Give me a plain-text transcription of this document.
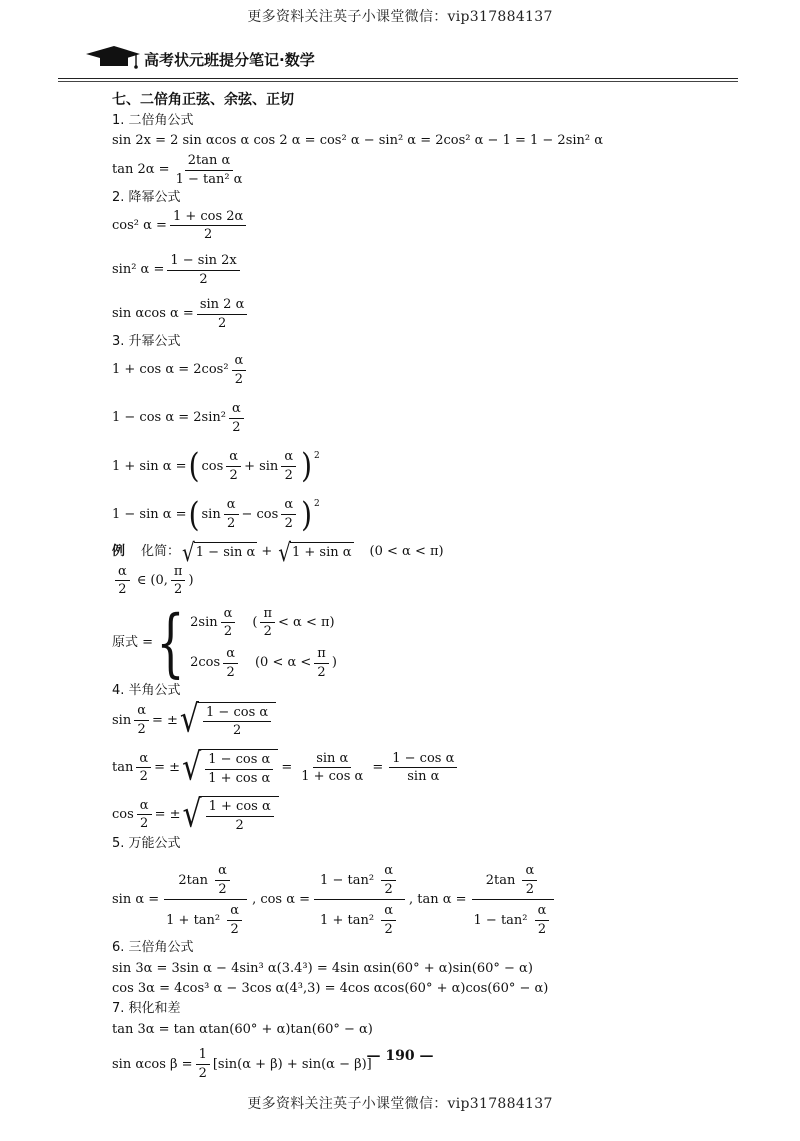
更多资料关注英子小课堂微信：vip317884137
高考状元班提分笔记·数学
七、二倍角正弦、余弦、正切
1. 二倍角公式
sin 2x = 2 sin αcos α cos 2 α = cos² α − sin² α = 2cos² α − 1 = 1 − 2sin² α
$\tan 2\alpha = \frac{\text{2tan α}}{\text{1 − tan² α}}$
2. 降幂公式
cos² $\alpha = \frac{1 + \cos 2\alpha}{2}$
sin² $\alpha = \frac{1 - \sin 2x}{2}$
sin αcos $\alpha = \frac{\sin 2 \alpha}{2}$
3. 升幂公式
$1 + \cos \alpha = 2\cos^2 \frac{\alpha}{2}$
$1 - \cos \alpha = 2\sin^2 \frac{\alpha}{2}$
1 + sin α = ( $\cos \frac{\alpha}{2} + \sin \frac{\alpha}{2}$ ) 2
1 − sin α = ( $\sin \frac{\alpha}{2} - \cos \frac{\alpha}{2}$ ) 2
例 化简： √ 1 − sin α + √ 1 + sin α (0 < α < π)
$\frac{\alpha}{2}$ ∈ (0, $\frac{\pi}{2}$ )
原式 = { $2\sin \frac{\alpha}{2}$ ( $\frac{\pi}{2} < \alpha < \pi$)
$2\cos \frac{\alpha}{2} (0 < \alpha < \frac{\pi}{2}$ )
4. 半角公式
$\sin \frac{\alpha}{2}$ = ± √ $\frac{\text{1 − cos α}}{2}$
$\tan \frac{\alpha}{2}$ = ± √ $\frac{\text{1 − cos α}}{\text{1 + cos α}} = \frac{\text{sin α}}{\text{1 + cos α}} = \frac{\text{1 − cos α}}{\text{sin α}}$
$\cos \frac{\alpha}{2}$ = ± √ $\frac{\text{1 + cos α}}{2}$
5. 万能公式
$\sin \alpha = \frac{2\tan \frac{\alpha}{2}}{1 + \tan^2 \frac{\alpha}{2}}$ , $\cos \alpha = \frac{1 - \tan^2 \frac{\alpha}{2}}{1 + \tan^2 \frac{\alpha}{2}}$ , $\tan \alpha = \frac{2\tan \frac{\alpha}{2}}{1 - \tan^2 \frac{\alpha}{2}}$
6. 三倍角公式
sin 3α = 3sin α − 4sin³ α(3.4³) = 4sin αsin(60° + α)sin(60° − α) cos 3α = 4cos³ α − 3cos α(4³,3) = 4cos αcos(60° + α)cos(60° − α)
7. 积化和差
tan 3α = tan αtan(60° + α)tan(60° − α)
sin αcos $\beta = \frac{1}{2} [\sin(\alpha + \beta) + \sin(\alpha - \beta)]$
— 190 —
更多资料关注英子小课堂微信：vip317884137
